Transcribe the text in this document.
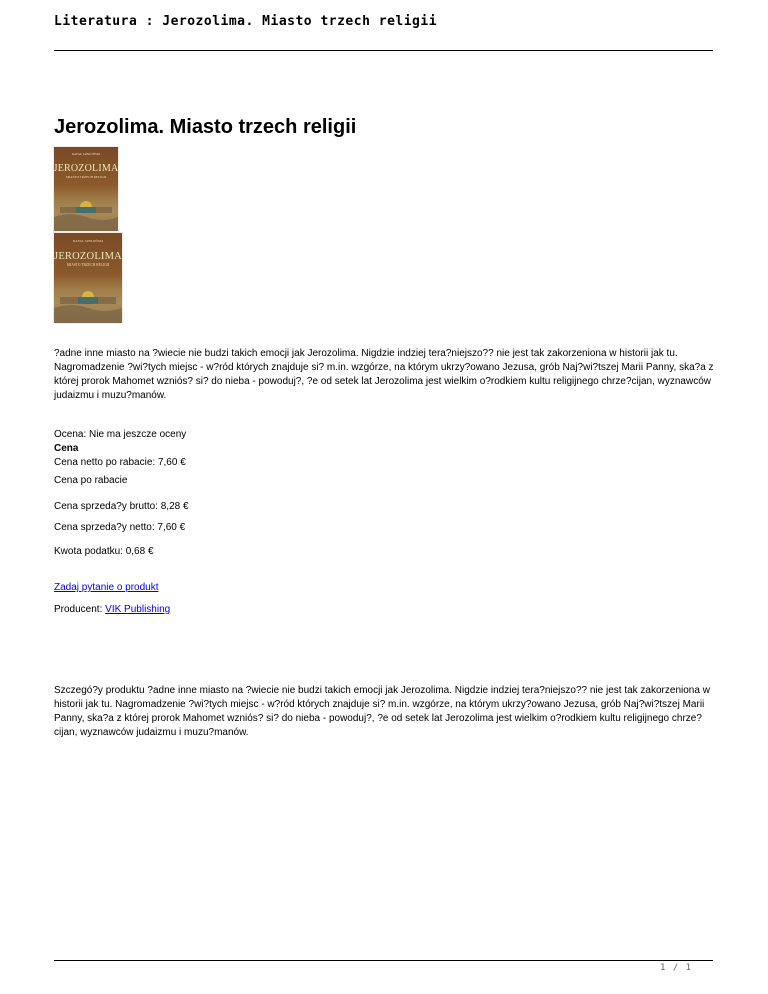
Literatura : Jerozolima. Miasto trzech religii
Jerozolima. Miasto trzech religii
RAFAŁ JABŁOŃSKI
JEROZOLIMA
MIASTO TRZECH RELIGII
RAFAŁ JABŁOŃSKI
JEROZOLIMA
MIASTO TRZECH RELIGII

?adne inne miasto na ?wiecie nie budzi takich emocji jak Jerozolima. Nigdzie indziej tera?niejszo?? nie jest tak zakorzeniona w historii jak tu. Nagromadzenie ?wi?tych miejsc - w?ród których znajduje si? m.in. wzgórze, na którym ukrzy?owano Jezusa, grób Naj?wi?tszej Marii Panny, ska?a z której prorok Mahomet wzniós? si? do nieba - powoduj?, ?e od setek lat Jerozolima jest wielkim o?rodkiem kultu religijnego chrze?cijan, wyznawców judaizmu i muzu?manów.

Ocena: Nie ma jeszcze oceny

Cena

Cena netto po rabacie: 7,60 €

Cena po rabacie

Cena sprzeda?y brutto: 8,28 €

Cena sprzeda?y netto: 7,60 €

Kwota podatku: 0,68 €

Zadaj pytanie o produkt

Producent: VIK Publishing

Szczegó?y produktu ?adne inne miasto na ?wiecie nie budzi takich emocji jak Jerozolima. Nigdzie indziej tera?niejszo?? nie jest tak zakorzeniona w historii jak tu. Nagromadzenie ?wi?tych miejsc - w?ród których znajduje si? m.in. wzgórze, na którym ukrzy?owano Jezusa, grób Naj?wi?tszej Marii Panny, ska?a z której prorok Mahomet wzniós? si? do nieba - powoduj?, ?e od setek lat Jerozolima jest wielkim o?rodkiem kultu religijnego chrze?cijan, wyznawców judaizmu i muzu?manów.

1 / 1
